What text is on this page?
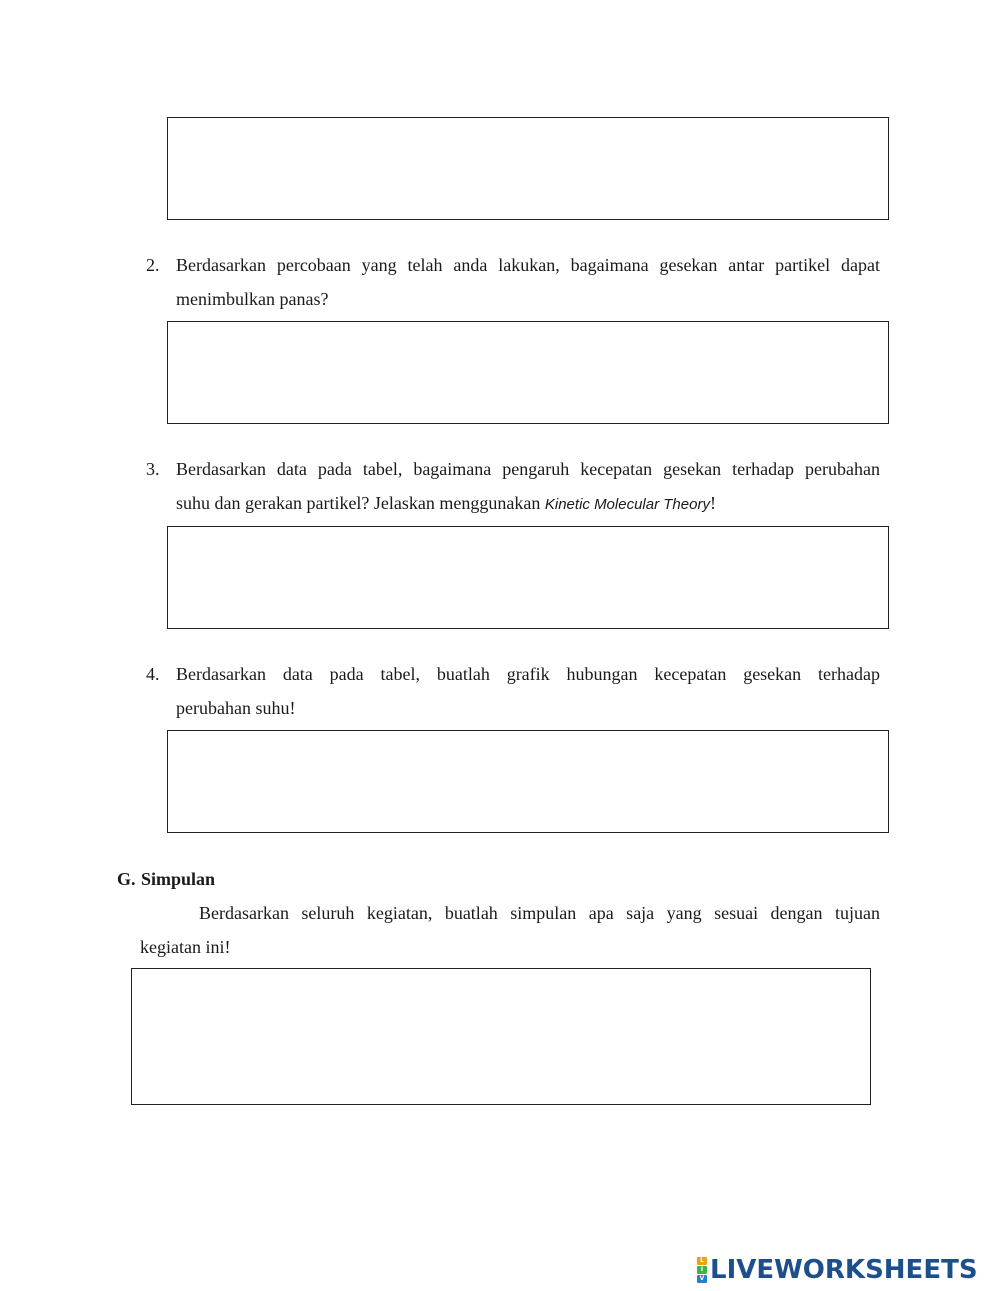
2. Berdasarkan percobaan yang telah anda lakukan, bagaimana gesekan antar partikel dapat
menimbulkan panas?
3. Berdasarkan data pada tabel, bagaimana pengaruh kecepatan gesekan terhadap perubahan
suhu dan gerakan partikel? Jelaskan menggunakan Kinetic Molecular Theory!
4. Berdasarkan data pada tabel, buatlah grafik hubungan kecepatan gesekan terhadap
perubahan suhu!
G. Simpulan
Berdasarkan seluruh kegiatan, buatlah simpulan apa saja yang sesuai dengan tujuan
kegiatan ini!
L
I
V LIVEWORKSHEETS
